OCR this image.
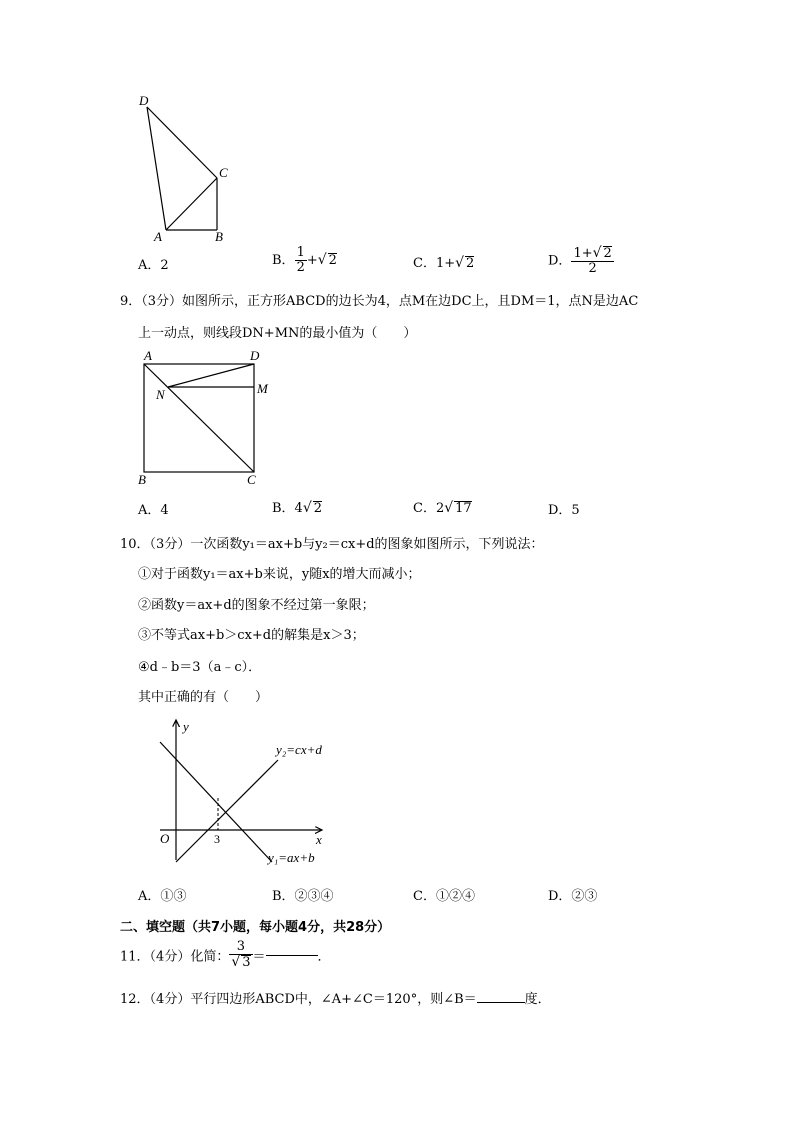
D
C
A	B
A．2	B． $\frac{1}{2}$ +√ 2	C．1+√ 2	D． $\frac{1+√ 2}{2}$
9．（3分）如图所示，正方形ABCD的边长为4，点M在边DC上，且DM＝1，点N是边AC
上一动点，则线段DN+MN的最小值为（　　）
A	D
M
N
B	C
A．4	B．4√ 2	C．2√ 17	D．5
10．（3分）一次函数y₁＝ax+b与y₂＝cx+d的图象如图所示，下列说法：
①对于函数y₁＝ax+b来说，y随x的增大而减小；
②函数y＝ax+d的图象不经过第一象限；
③不等式ax+b＞cx+d的解集是x＞3；
④d﹣b＝3（a﹣c）．
其中正确的有（　　）
y
x
O	3
y₂=cx+d
y₁=ax+b
A．①③	B．②③④	C．①②④	D．②③
二、填空题（共7小题，每小题4分，共28分）
11．（4分）化简： $\frac{3}{√ 3}$ ＝	．
12．（4分）平行四边形ABCD中，∠A+∠C＝120°，则∠B＝	度．
